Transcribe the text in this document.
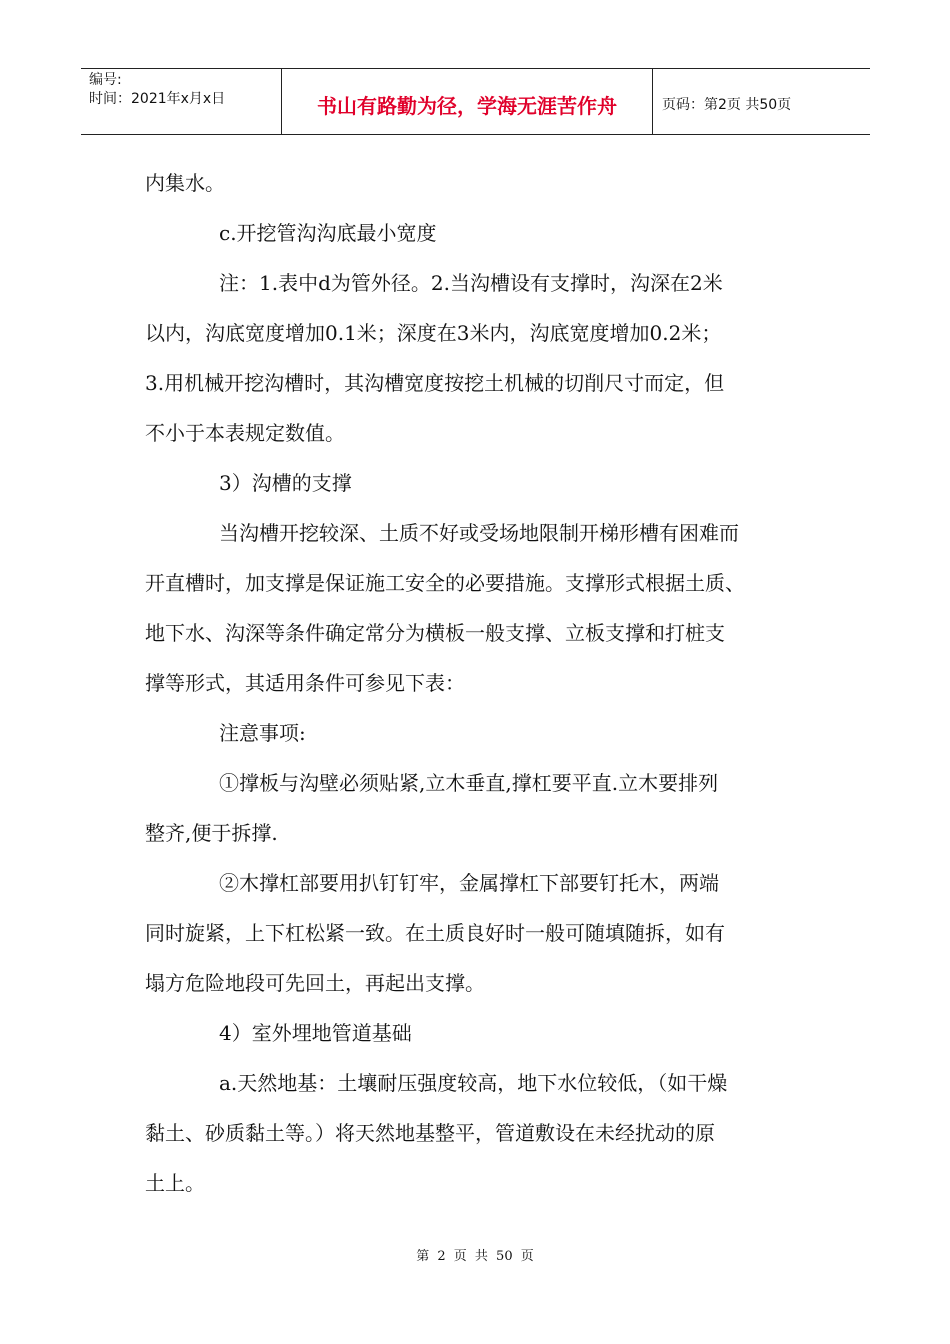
编号:
时间：2021年x月x日	书山有路勤为径，学海无涯苦作舟	页码：第2页 共50页

内集水。

c.开挖管沟沟底最小宽度

注：1.表中d为管外径。2.当沟槽设有支撑时，沟深在2米

以内，沟底宽度增加0.1米；深度在3米内，沟底宽度增加0.2米；

3.用机械开挖沟槽时，其沟槽宽度按挖土机械的切削尺寸而定，但

不小于本表规定数值。

3）沟槽的支撑

当沟槽开挖较深、土质不好或受场地限制开梯形槽有困难而

开直槽时，加支撑是保证施工安全的必要措施。支撑形式根据土质、

地下水、沟深等条件确定常分为横板一般支撑、立板支撑和打桩支

撑等形式，其适用条件可参见下表：

注意事项:

①撑板与沟壁必须贴紧,立木垂直,撑杠要平直.立木要排列

整齐,便于拆撑.

②木撑杠部要用扒钉钉牢，金属撑杠下部要钉托木，两端

同时旋紧，上下杠松紧一致。在土质良好时一般可随填随拆，如有

塌方危险地段可先回土，再起出支撑。

4）室外埋地管道基础

a.天然地基：土壤耐压强度较高，地下水位较低，（如干燥

黏土、砂质黏土等。）将天然地基整平，管道敷设在未经扰动的原

土上。

第 2 页 共 50 页
